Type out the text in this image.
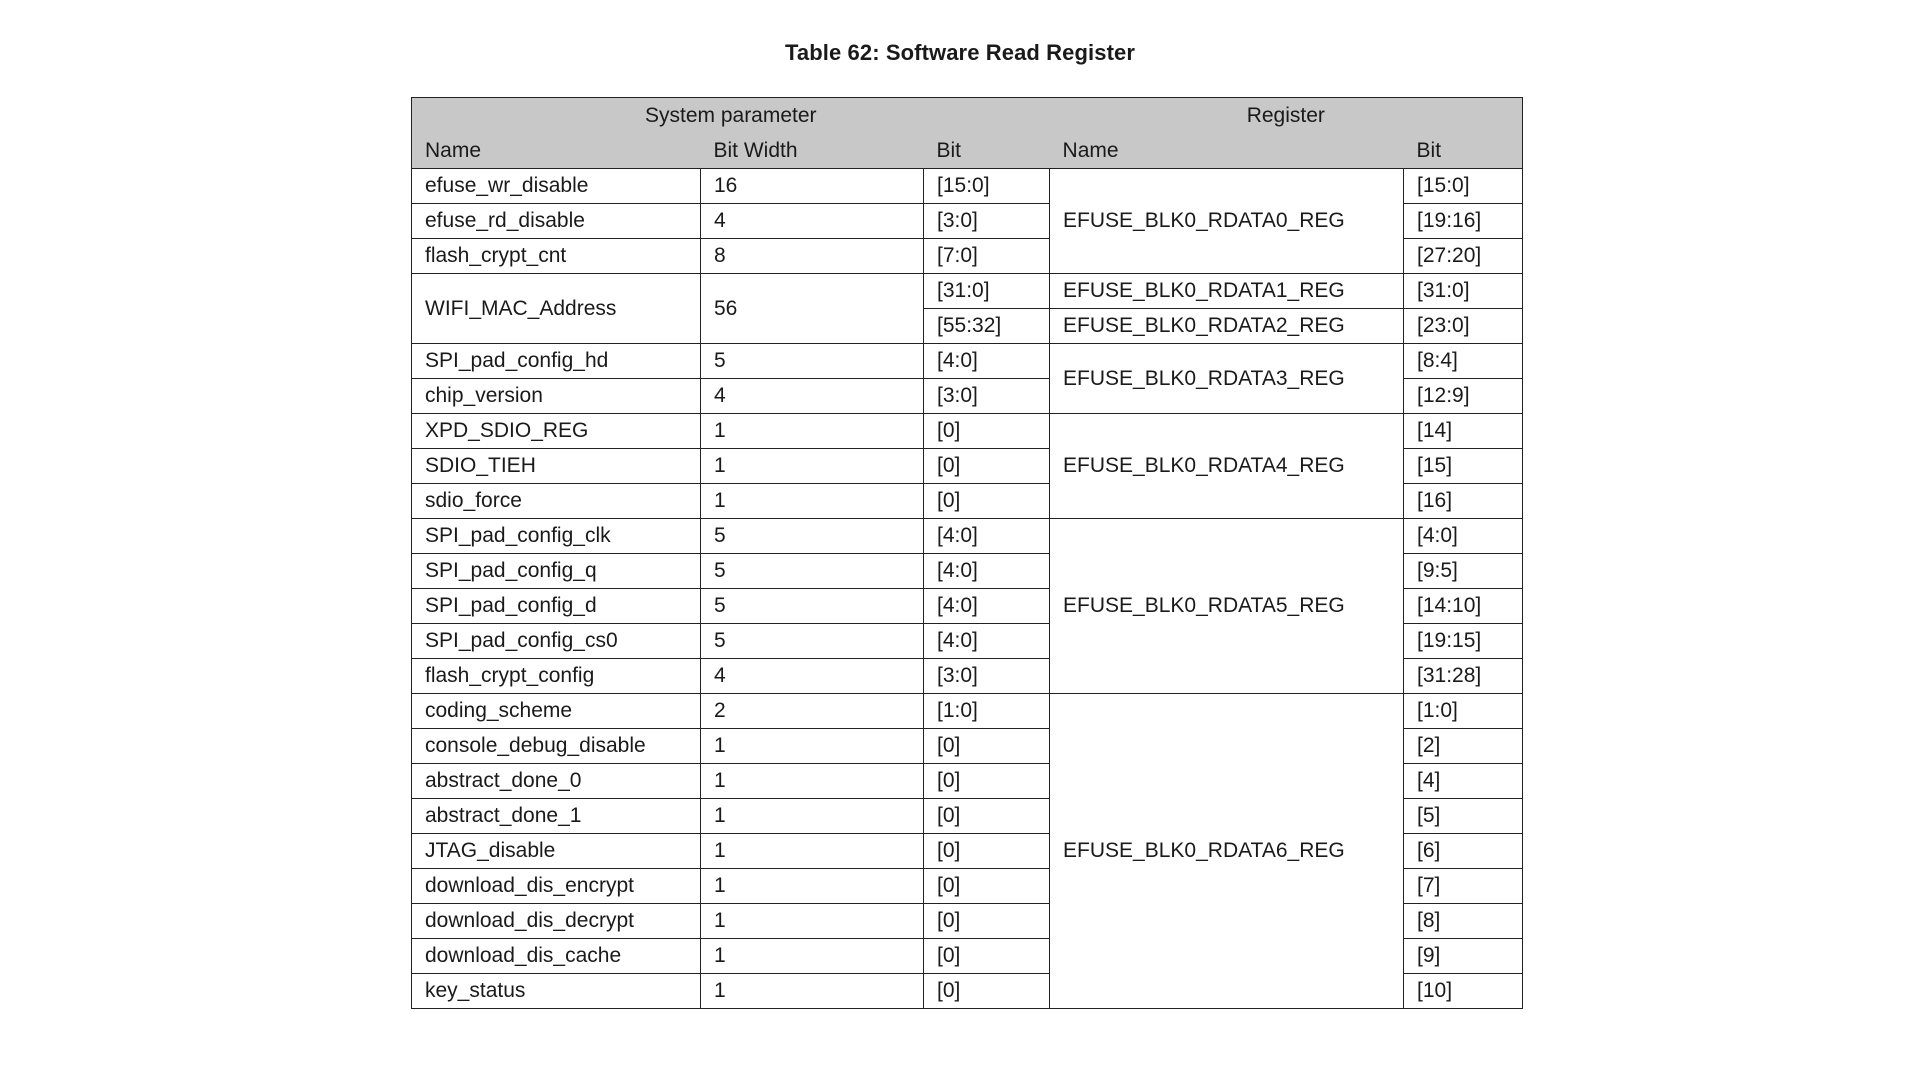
Table 62: Software Read Register
System parameter			Register	
Name	Bit Width	Bit	Name	Bit
efuse_wr_disable	16	[15:0]	EFUSE_BLK0_RDATA0_REG	[15:0]
efuse_rd_disable	4	[3:0]		[19:16]
flash_crypt_cnt	8	[7:0]		[27:20]
WIFI_MAC_Address	56	[31:0]	EFUSE_BLK0_RDATA1_REG	[31:0]
		[55:32]	EFUSE_BLK0_RDATA2_REG	[23:0]
SPI_pad_config_hd	5	[4:0]	EFUSE_BLK0_RDATA3_REG	[8:4]
chip_version	4	[3:0]		[12:9]
XPD_SDIO_REG	1	[0]	EFUSE_BLK0_RDATA4_REG	[14]
SDIO_TIEH	1	[0]		[15]
sdio_force	1	[0]		[16]
SPI_pad_config_clk	5	[4:0]	EFUSE_BLK0_RDATA5_REG	[4:0]
SPI_pad_config_q	5	[4:0]		[9:5]
SPI_pad_config_d	5	[4:0]		[14:10]
SPI_pad_config_cs0	5	[4:0]		[19:15]
flash_crypt_config	4	[3:0]		[31:28]
coding_scheme	2	[1:0]	EFUSE_BLK0_RDATA6_REG	[1:0]
console_debug_disable	1	[0]		[2]
abstract_done_0	1	[0]		[4]
abstract_done_1	1	[0]		[5]
JTAG_disable	1	[0]		[6]
download_dis_encrypt	1	[0]		[7]
download_dis_decrypt	1	[0]		[8]
download_dis_cache	1	[0]		[9]
key_status	1	[0]		[10]
